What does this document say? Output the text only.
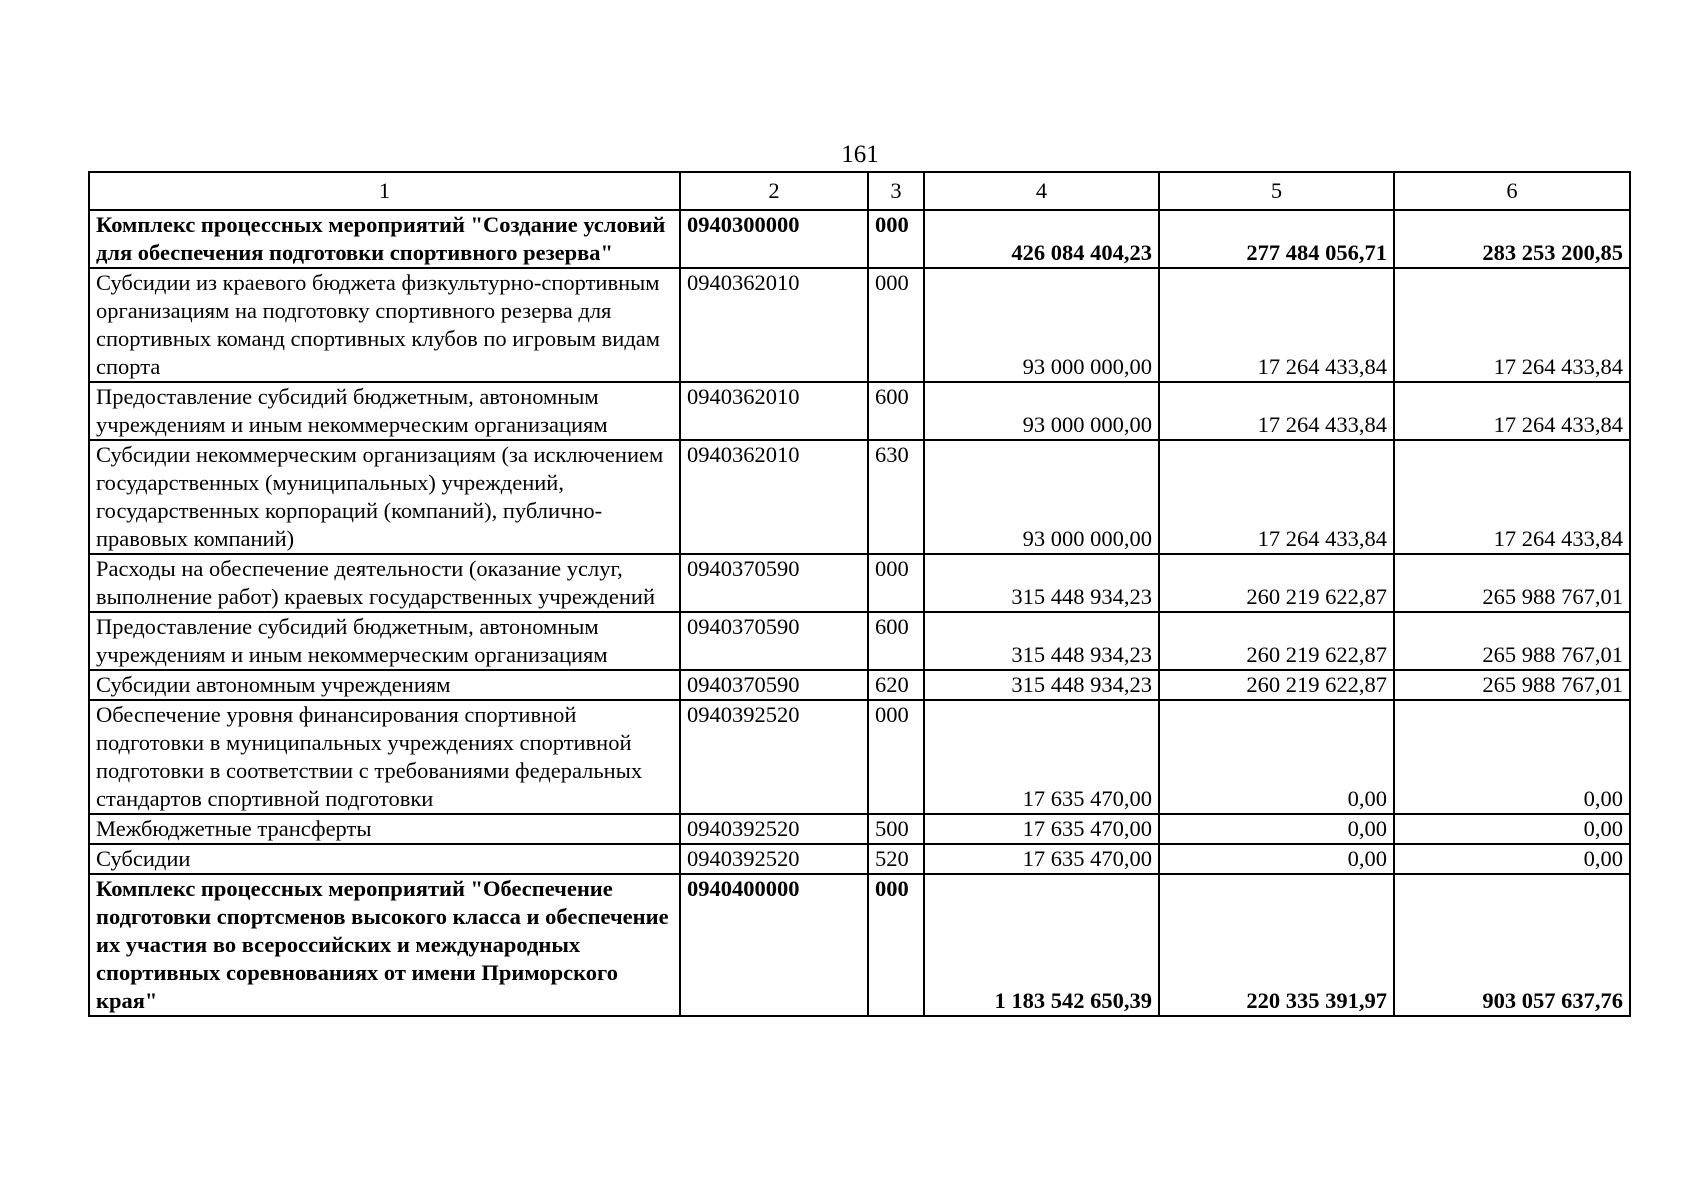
161
1	2	3	4	5	6
Комплекс процессных мероприятий "Создание условий для обеспечения подготовки спортивного резерва"	0940300000	000	426 084 404,23	277 484 056,71	283 253 200,85
Субсидии из краевого бюджета физкультурно-спортивным организациям на подготовку спортивного резерва для спортивных команд спортивных клубов по игровым видам спорта	0940362010	000	93 000 000,00	17 264 433,84	17 264 433,84
Предоставление субсидий бюджетным, автономным учреждениям и иным некоммерческим организациям	0940362010	600	93 000 000,00	17 264 433,84	17 264 433,84
Субсидии некоммерческим организациям (за исключением государственных (муниципальных) учреждений, государственных корпораций (компаний), публично-правовых компаний)	0940362010	630	93 000 000,00	17 264 433,84	17 264 433,84
Расходы на обеспечение деятельности (оказание услуг, выполнение работ) краевых государственных учреждений	0940370590	000	315 448 934,23	260 219 622,87	265 988 767,01
Предоставление субсидий бюджетным, автономным учреждениям и иным некоммерческим организациям	0940370590	600	315 448 934,23	260 219 622,87	265 988 767,01
Субсидии автономным учреждениям	0940370590	620	315 448 934,23	260 219 622,87	265 988 767,01
Обеспечение уровня финансирования спортивной подготовки в муниципальных учреждениях спортивной подготовки в соответствии с требованиями федеральных стандартов спортивной подготовки	0940392520	000	17 635 470,00	0,00	0,00
Межбюджетные трансферты	0940392520	500	17 635 470,00	0,00	0,00
Субсидии	0940392520	520	17 635 470,00	0,00	0,00
Комплекс процессных мероприятий "Обеспечение подготовки спортсменов высокого класса и обеспечение их участия во всероссийских и международных спортивных соревнованиях от имени Приморского края"	0940400000	000	1 183 542 650,39	220 335 391,97	903 057 637,76
